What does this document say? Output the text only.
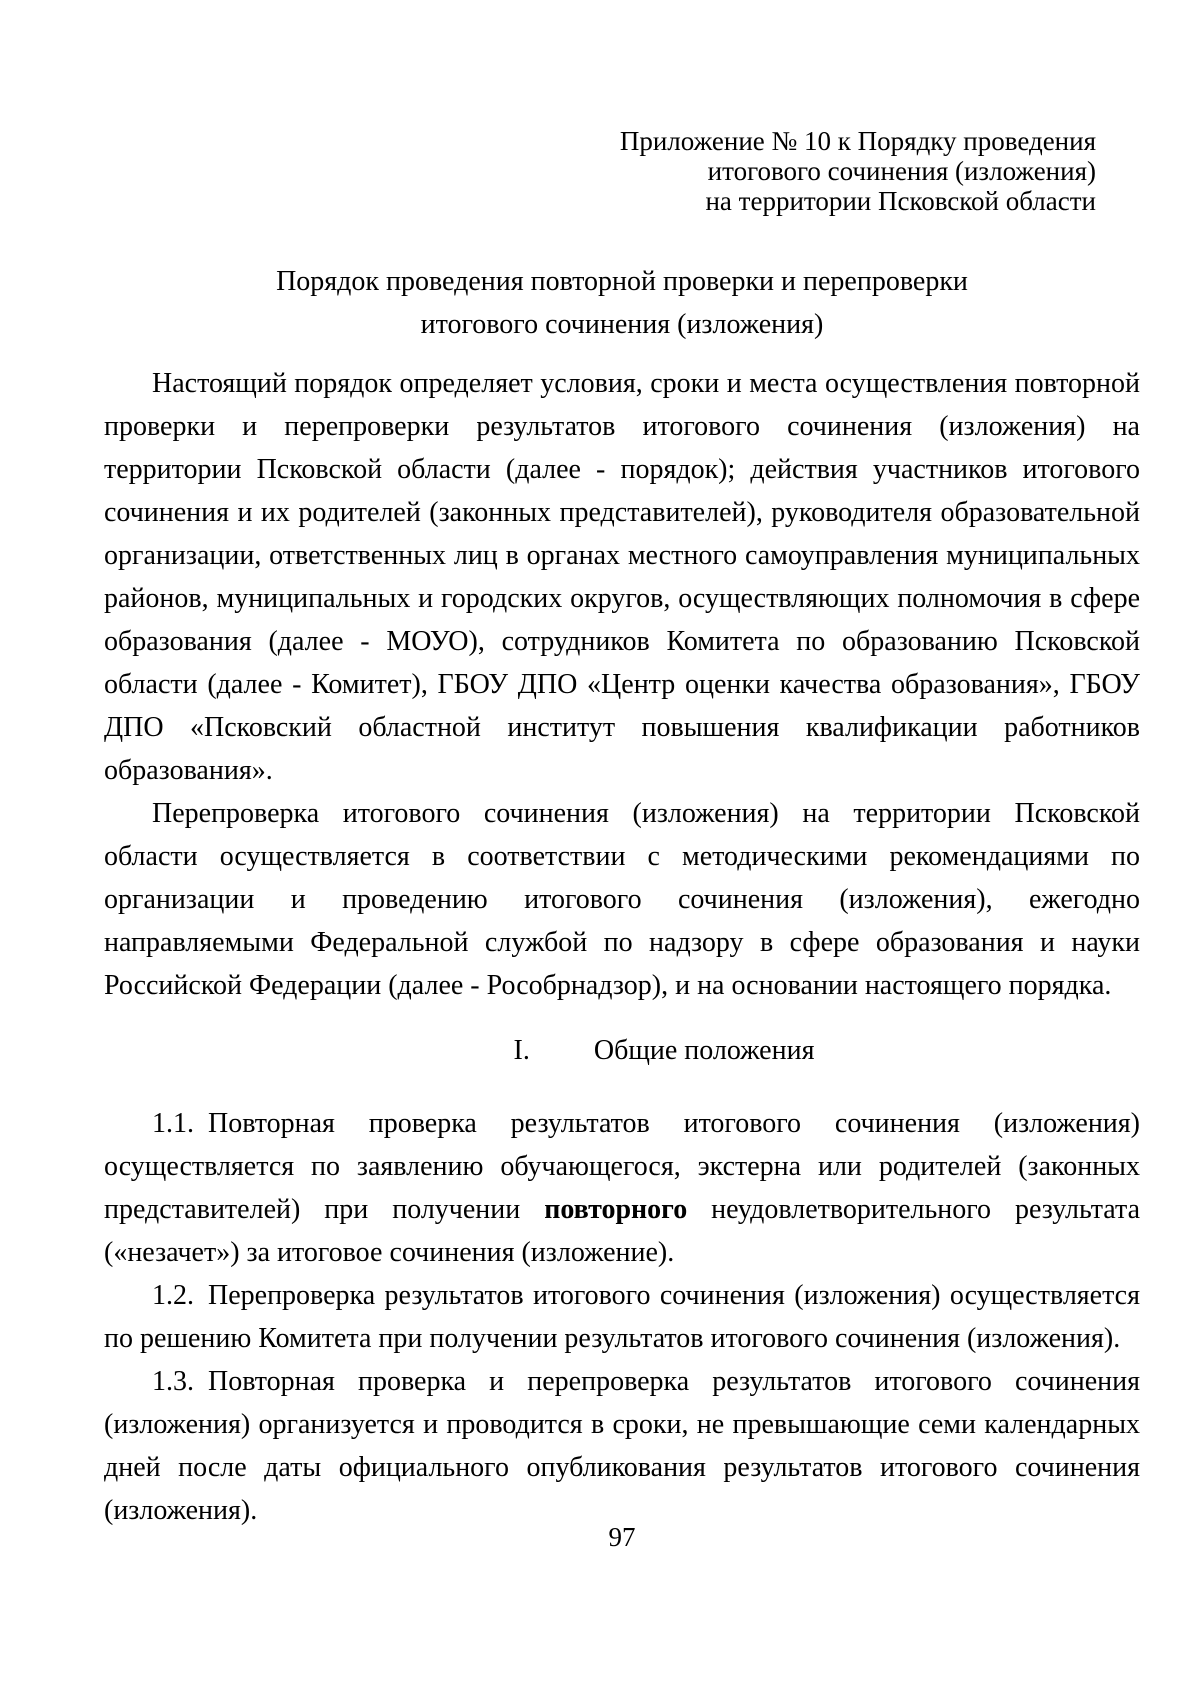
Приложение № 10 к Порядку проведения
итогового сочинения (изложения)
на территории Псковской области
Порядок проведения повторной проверки и перепроверки
итогового сочинения (изложения)

Настоящий порядок определяет условия, сроки и места осуществления повторной проверки и перепроверки результатов итогового сочинения (изложения) на территории Псковской области (далее - порядок); действия участников итогового сочинения и их родителей (законных представителей), руководителя образовательной организации, ответственных лиц в органах местного самоуправления муниципальных районов, муниципальных и городских округов, осуществляющих полномочия в сфере образования (далее - МОУО), сотрудников Комитета по образованию Псковской области (далее - Комитет), ГБОУ ДПО «Центр оценки качества образования», ГБОУ ДПО «Псковский областной институт повышения квалификации работников образования».

Перепроверка итогового сочинения (изложения) на территории Псковской области осуществляется в соответствии с методическими рекомендациями по организации и проведению итогового сочинения (изложения), ежегодно направляемыми Федеральной службой по надзору в сфере образования и науки Российской Федерации (далее - Рособрнадзор), и на основании настоящего порядка.

I. Общие положения

1.1. Повторная проверка результатов итогового сочинения (изложения) осуществляется по заявлению обучающегося, экстерна или родителей (законных представителей) при получении повторного неудовлетворительного результата («незачет») за итоговое сочинения (изложение).

1.2. Перепроверка результатов итогового сочинения (изложения) осуществляется по решению Комитета при получении результатов итогового сочинения (изложения).

1.3. Повторная проверка и перепроверка результатов итогового сочинения (изложения) организуется и проводится в сроки, не превышающие семи календарных дней после даты официального опубликования результатов итогового сочинения (изложения).

97
